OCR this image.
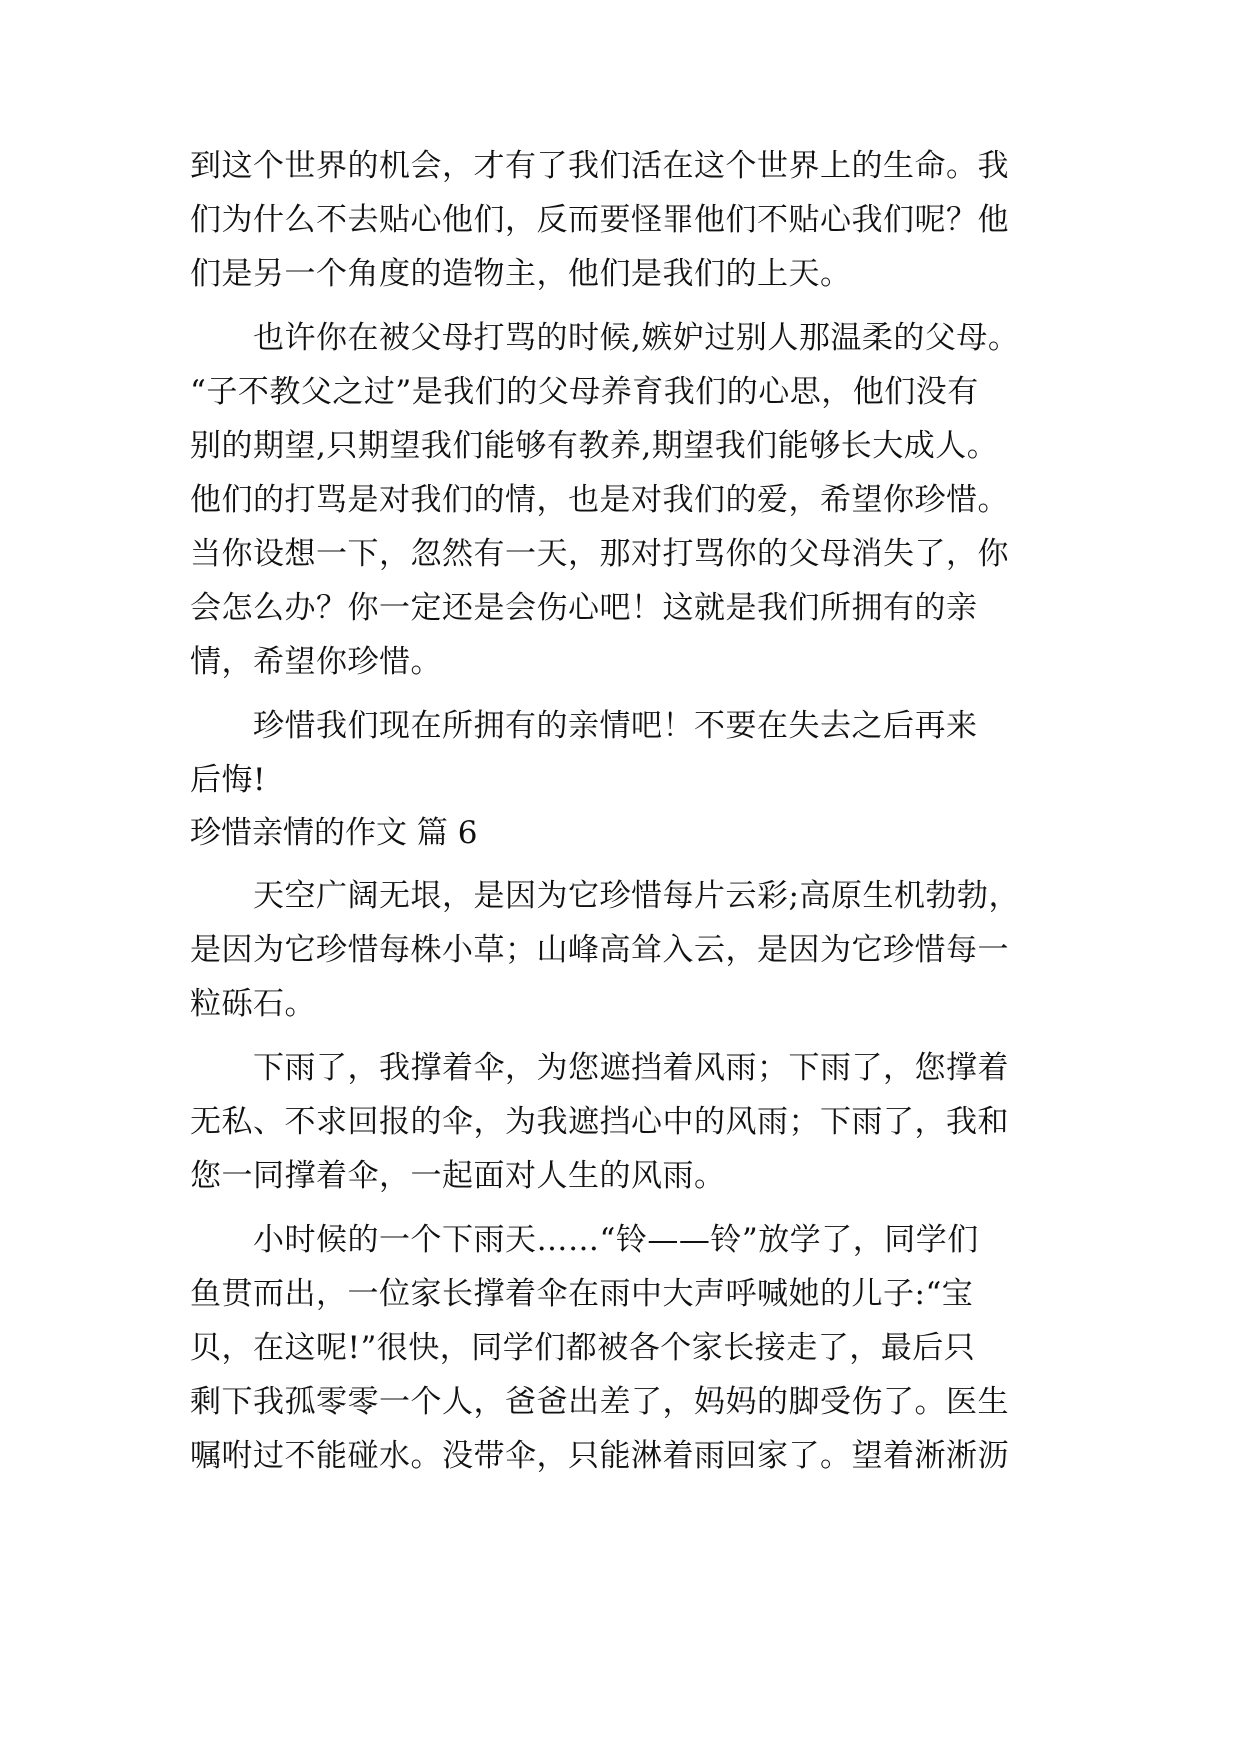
到这个世界的机会，才有了我们活在这个世界上的生命。我
们为什么不去贴心他们，反而要怪罪他们不贴心我们呢？他
们是另一个角度的造物主，他们是我们的上天。
也许你在被父母打骂的时候,嫉妒过别人那温柔的父母。
“子不教父之过”是我们的父母养育我们的心思，他们没有
别的期望,只期望我们能够有教养,期望我们能够长大成人。
他们的打骂是对我们的情，也是对我们的爱，希望你珍惜。
当你设想一下，忽然有一天，那对打骂你的父母消失了，你
会怎么办？你一定还是会伤心吧！这就是我们所拥有的亲
情，希望你珍惜。
珍惜我们现在所拥有的亲情吧！不要在失去之后再来
后悔!
珍惜亲情的作文 篇 6
天空广阔无垠，是因为它珍惜每片云彩;高原生机勃勃，
是因为它珍惜每株小草；山峰高耸入云，是因为它珍惜每一
粒砾石。
下雨了，我撑着伞，为您遮挡着风雨；下雨了，您撑着
无私、不求回报的伞，为我遮挡心中的风雨；下雨了，我和
您一同撑着伞，一起面对人生的风雨。
小时候的一个下雨天……“铃——铃”放学了，同学们
鱼贯而出，一位家长撑着伞在雨中大声呼喊她的儿子:“宝
贝，在这呢!”很快，同学们都被各个家长接走了，最后只
剩下我孤零零一个人，爸爸出差了，妈妈的脚受伤了。医生
嘱咐过不能碰水。没带伞，只能淋着雨回家了。望着淅淅沥
